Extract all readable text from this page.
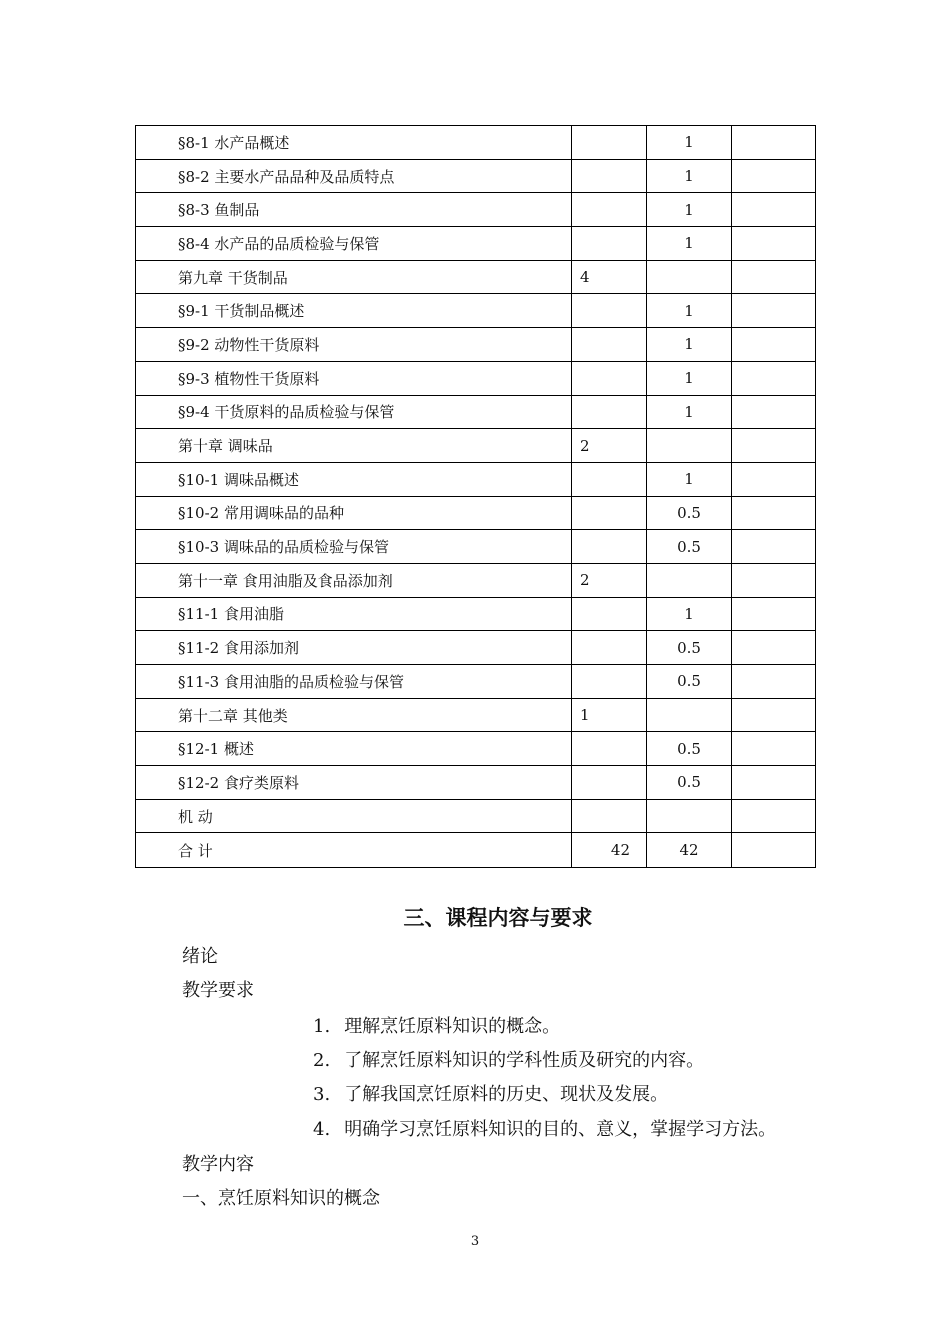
§8-1 水产品概述		1	
§8-2 主要水产品品种及品质特点		1	
§8-3 鱼制品		1	
§8-4 水产品的品质检验与保管		1	
第九章 干货制品	4		
§9-1 干货制品概述		1	
§9-2 动物性干货原料		1	
§9-3 植物性干货原料		1	
§9-4 干货原料的品质检验与保管		1	
第十章 调味品	2		
§10-1 调味品概述		1	
§10-2 常用调味品的品种		0.5	
§10-3 调味品的品质检验与保管		0.5	
第十一章 食用油脂及食品添加剂	2		
§11-1 食用油脂		1	
§11-2 食用添加剂		0.5	
§11-3 食用油脂的品质检验与保管		0.5	
第十二章 其他类	1		
§12-1 概述		0.5	
§12-2 食疗类原料		0.5	
机 动			
合 计	42	42	
三、课程内容与要求
绪论
教学要求
1. 理解烹饪原料知识的概念。
2. 了解烹饪原料知识的学科性质及研究的内容。
3. 了解我国烹饪原料的历史、现状及发展。
4. 明确学习烹饪原料知识的目的、意义，掌握学习方法。
教学内容
一、烹饪原料知识的概念
3
